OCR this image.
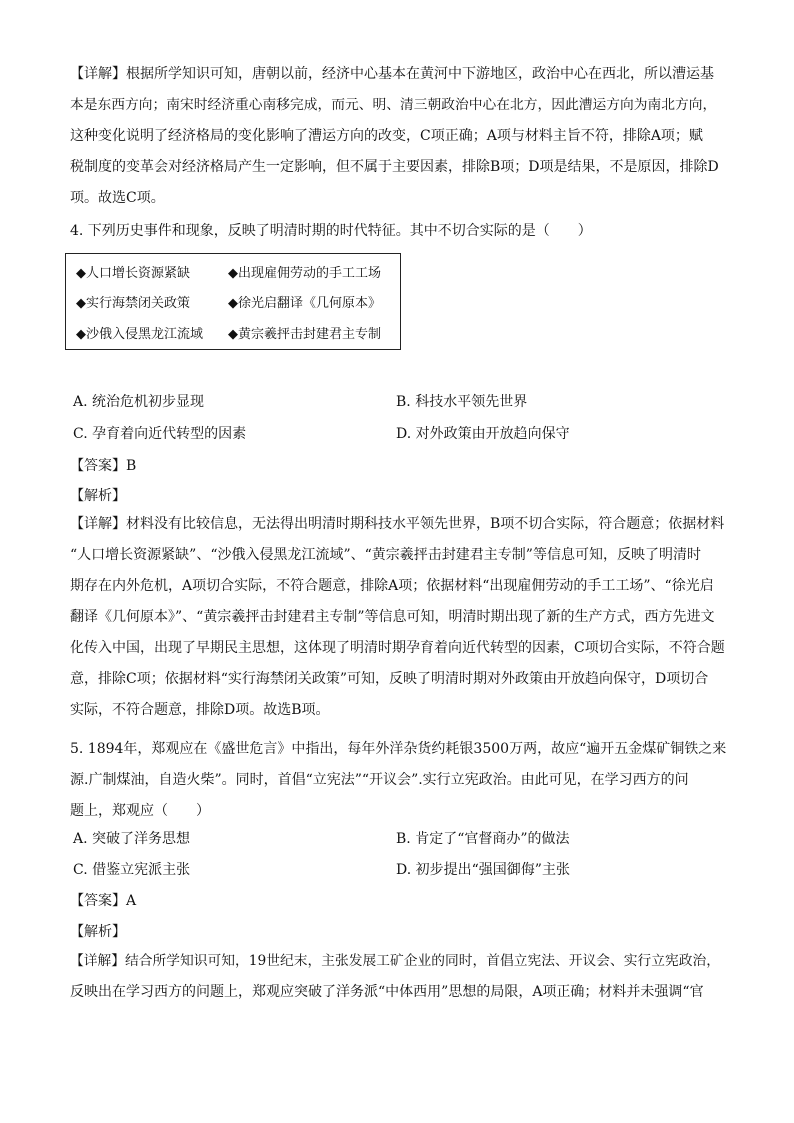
【详解】根据所学知识可知，唐朝以前，经济中心基本在黄河中下游地区，政治中心在西北，所以漕运基
本是东西方向；南宋时经济重心南移完成，而元、明、清三朝政治中心在北方，因此漕运方向为南北方向，
这种变化说明了经济格局的变化影响了漕运方向的改变，C项正确；A项与材料主旨不符，排除A项；赋
税制度的变革会对经济格局产生一定影响，但不属于主要因素，排除B项；D项是结果，不是原因，排除D
项。故选C项。
4. 下列历史事件和现象，反映了明清时期的时代特征。其中不切合实际的是（　　）
◆人口增长资源紧缺	◆出现雇佣劳动的手工工场
◆实行海禁闭关政策	◆徐光启翻译《几何原本》
◆沙俄入侵黑龙江流域 ◆黄宗羲抨击封建君主专制
A. 统治危机初步显现	B. 科技水平领先世界
C. 孕育着向近代转型的因素	D. 对外政策由开放趋向保守
【答案】B
【解析】
【详解】材料没有比较信息，无法得出明清时期科技水平领先世界，B项不切合实际，符合题意；依据材料
“人口增长资源紧缺”、“沙俄入侵黑龙江流域”、“黄宗羲抨击封建君主专制”等信息可知，反映了明清时
期存在内外危机，A项切合实际，不符合题意，排除A项；依据材料“出现雇佣劳动的手工工场”、“徐光启
翻译《几何原本》”、“黄宗羲抨击封建君主专制”等信息可知，明清时期出现了新的生产方式，西方先进文
化传入中国，出现了早期民主思想，这体现了明清时期孕育着向近代转型的因素，C项切合实际，不符合题
意，排除C项；依据材料“实行海禁闭关政策”可知，反映了明清时期对外政策由开放趋向保守，D项切合
实际，不符合题意，排除D项。故选B项。
5. 1894年，郑观应在《盛世危言》中指出，每年外洋杂货约耗银3500万两，故应“遍开五金煤矿铜铁之来
源.广制煤油，自造火柴”。同时，首倡“立宪法”“开议会”.实行立宪政治。由此可见，在学习西方的问
题上，郑观应（　　）
A. 突破了洋务思想	B. 肯定了“官督商办”的做法
C. 借鉴立宪派主张	D. 初步提出“强国御侮”主张
【答案】A
【解析】
【详解】结合所学知识可知，19世纪末，主张发展工矿企业的同时，首倡立宪法、开议会、实行立宪政治，
反映出在学习西方的问题上，郑观应突破了洋务派“中体西用”思想的局限，A项正确；材料并未强调“官
